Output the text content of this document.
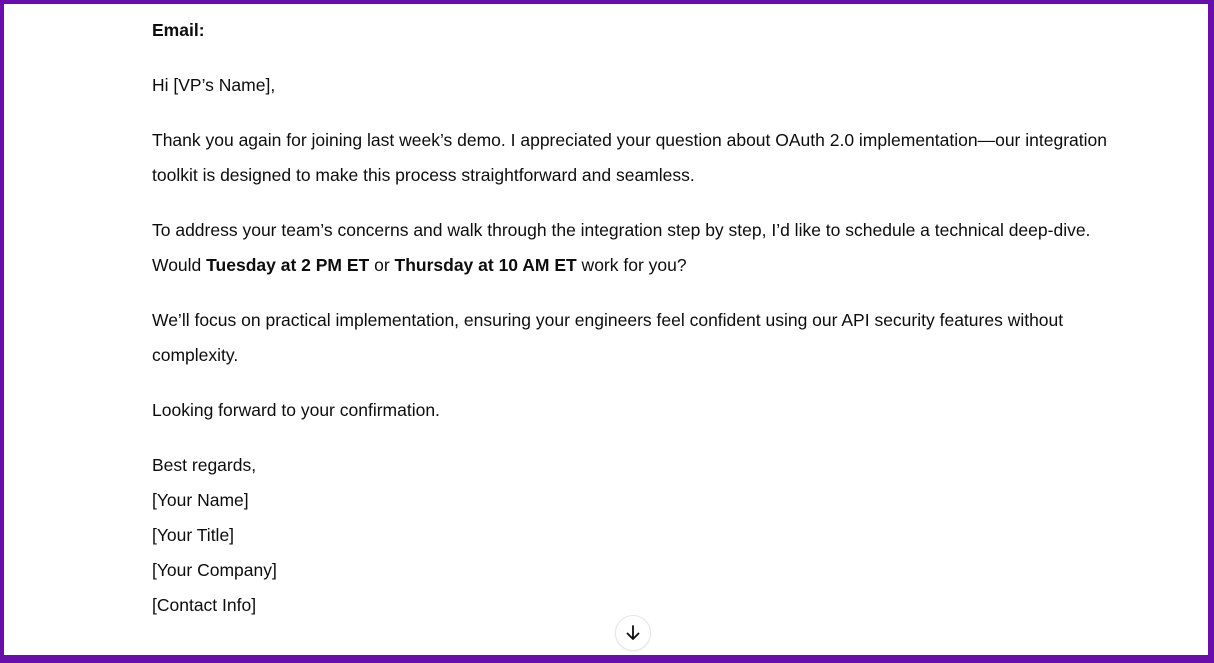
Email:

Hi [VP’s Name],

Thank you again for joining last week’s demo. I appreciated your question about OAuth 2.0 implementation—our integration toolkit is designed to make this process straightforward and seamless.

To address your team’s concerns and walk through the integration step by step, I’d like to schedule a technical deep-dive. Would Tuesday at 2 PM ET or Thursday at 10 AM ET work for you?

We’ll focus on practical implementation, ensuring your engineers feel confident using our API security features without complexity.

Looking forward to your confirmation.

Best regards,
[Your Name]
[Your Title]
[Your Company]
[Contact Info]
